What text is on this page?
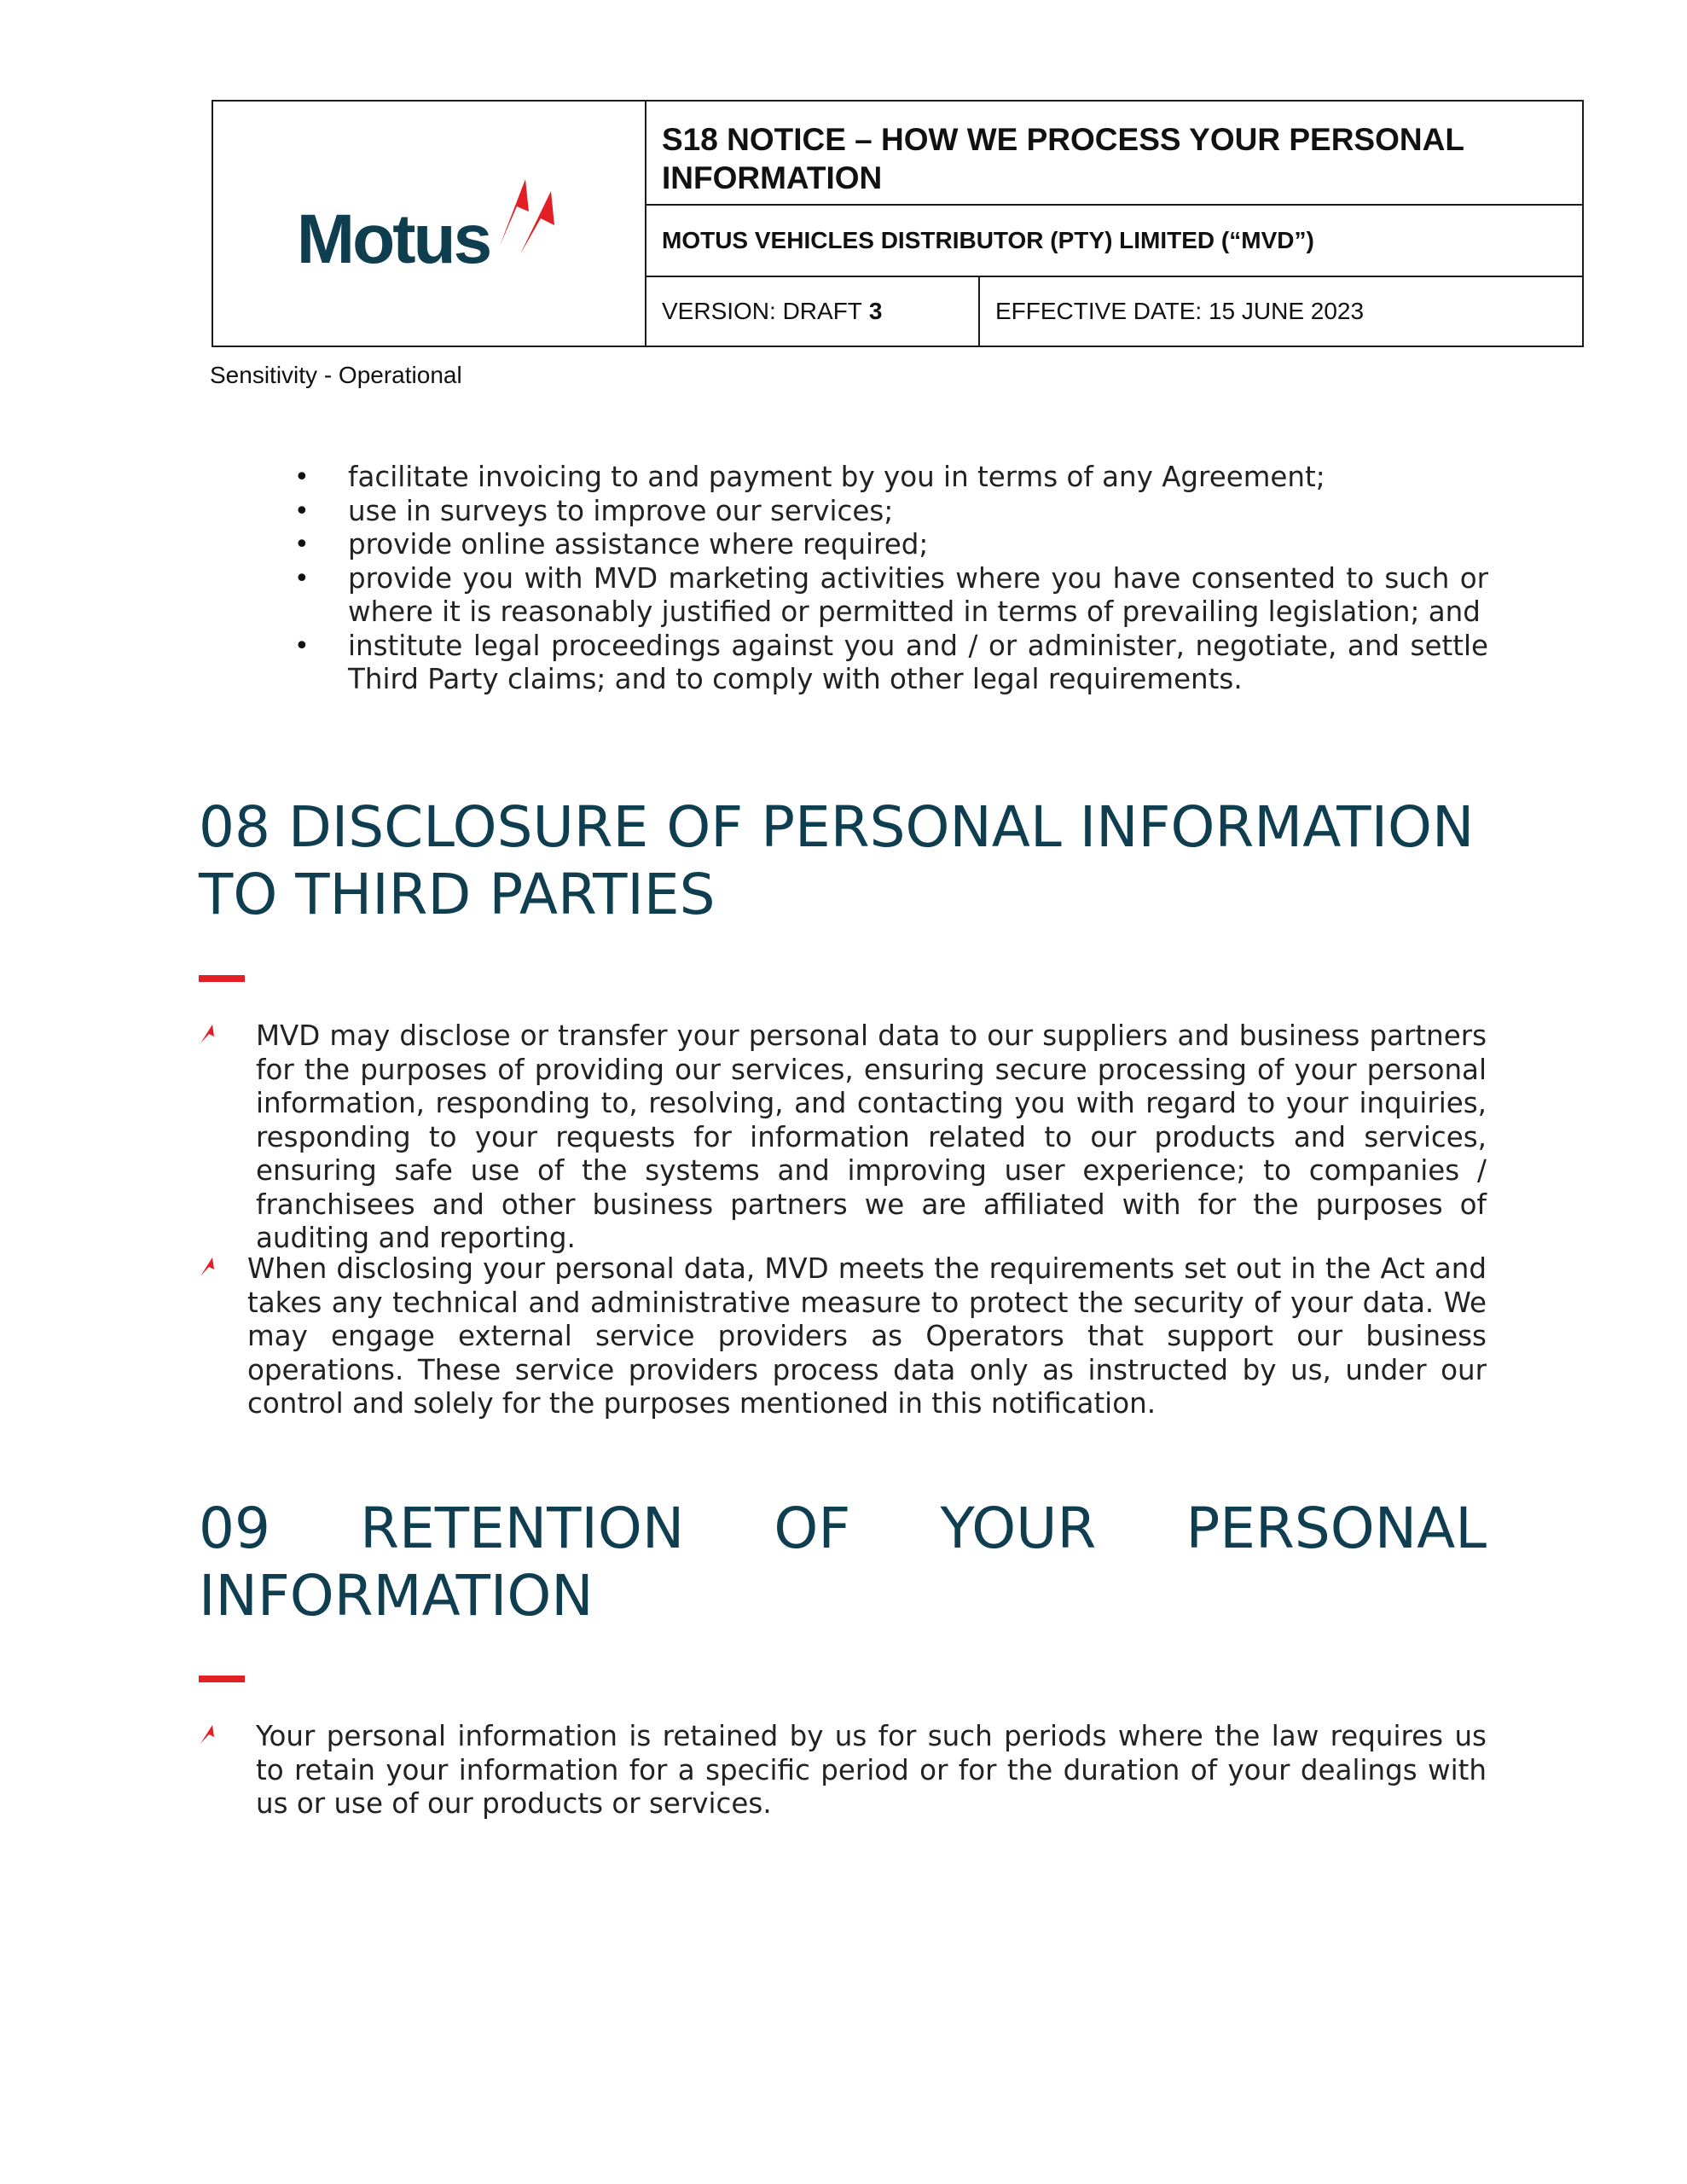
Motus
S18 NOTICE – HOW WE PROCESS YOUR PERSONAL INFORMATION
MOTUS VEHICLES DISTRIBUTOR (PTY) LIMITED (“MVD”)
VERSION: DRAFT 3	EFFECTIVE DATE: 15 JUNE 2023
Sensitivity - Operational
• facilitate invoicing to and payment by you in terms of any Agreement;
• use in surveys to improve our services;
• provide online assistance where required;
• provide you with MVD marketing activities where you have consented to such or where it is reasonably justified or permitted in terms of prevailing legislation; and
• institute legal proceedings against you and / or administer, negotiate, and settle Third Party claims; and to comply with other legal requirements.
08 DISCLOSURE OF PERSONAL INFORMATION TO THIRD PARTIES

MVD may disclose or transfer your personal data to our suppliers and business partners for the purposes of providing our services, ensuring secure processing of your personal information, responding to, resolving, and contacting you with regard to your inquiries, responding to your requests for information related to our products and services, ensuring safe use of the systems and improving user experience; to companies / franchisees and other business partners we are affiliated with for the purposes of auditing and reporting.

When disclosing your personal data, MVD meets the requirements set out in the Act and takes any technical and administrative measure to protect the security of your data. We may engage external service providers as Operators that support our business operations. These service providers process data only as instructed by us, under our control and solely for the purposes mentioned in this notification.

09 RETENTION OF YOUR PERSONAL INFORMATION

Your personal information is retained by us for such periods where the law requires us to retain your information for a specific period or for the duration of your dealings with us or use of our products or services.
